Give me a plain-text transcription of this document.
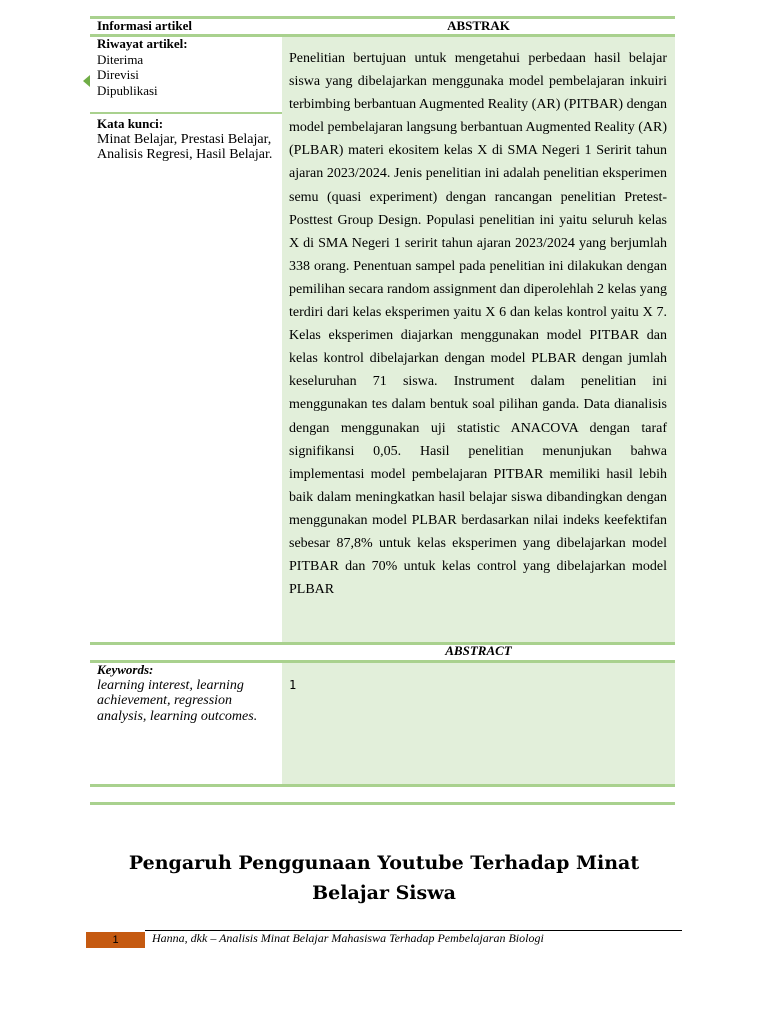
Informasi artikel	ABSTRAK
Riwayat artikel:
Diterima
Direvisi
Dipublikasi
Kata kunci:
Minat Belajar, Prestasi Belajar, Analisis Regresi, Hasil Belajar.
Penelitian bertujuan untuk mengetahui perbedaan hasil belajar siswa yang dibelajarkan menggunaka model pembelajaran inkuiri terbimbing berbantuan Augmented Reality (AR) (PITBAR) dengan model pembelajaran langsung berbantuan Augmented Reality (AR) (PLBAR) materi ekositem kelas X di SMA Negeri 1 Seririt tahun ajaran 2023/2024. Jenis penelitian ini adalah penelitian eksperimen semu (quasi experiment) dengan rancangan penelitian Pretest-Posttest Group Design. Populasi penelitian ini yaitu seluruh kelas X di SMA Negeri 1 seririt tahun ajaran 2023/2024 yang berjumlah 338 orang. Penentuan sampel pada penelitian ini dilakukan dengan pemilihan secara random assignment dan diperolehlah 2 kelas yang terdiri dari kelas eksperimen yaitu X 6 dan kelas kontrol yaitu X 7. Kelas eksperimen diajarkan menggunakan model PITBAR dan kelas kontrol dibelajarkan dengan model PLBAR dengan jumlah keseluruhan 71 siswa. Instrument dalam penelitian ini menggunakan tes dalam bentuk soal pilihan ganda. Data dianalisis dengan menggunakan uji statistic ANACOVA dengan taraf signifikansi 0,05. Hasil penelitian menunjukan bahwa implementasi model pembelajaran PITBAR memiliki hasil lebih baik dalam meningkatkan hasil belajar siswa dibandingkan dengan menggunakan model PLBAR berdasarkan nilai indeks keefektifan sebesar 87,8% untuk kelas eksperimen yang dibelajarkan model PITBAR dan 70% untuk kelas control yang dibelajarkan model PLBAR
ABSTRACT
Keywords:
learning interest, learning achievement, regression analysis, learning outcomes.
1
Pengaruh Penggunaan Youtube Terhadap Minat Belajar Siswa
1	Hanna, dkk – Analisis Minat Belajar Mahasiswa Terhadap Pembelajaran Biologi
